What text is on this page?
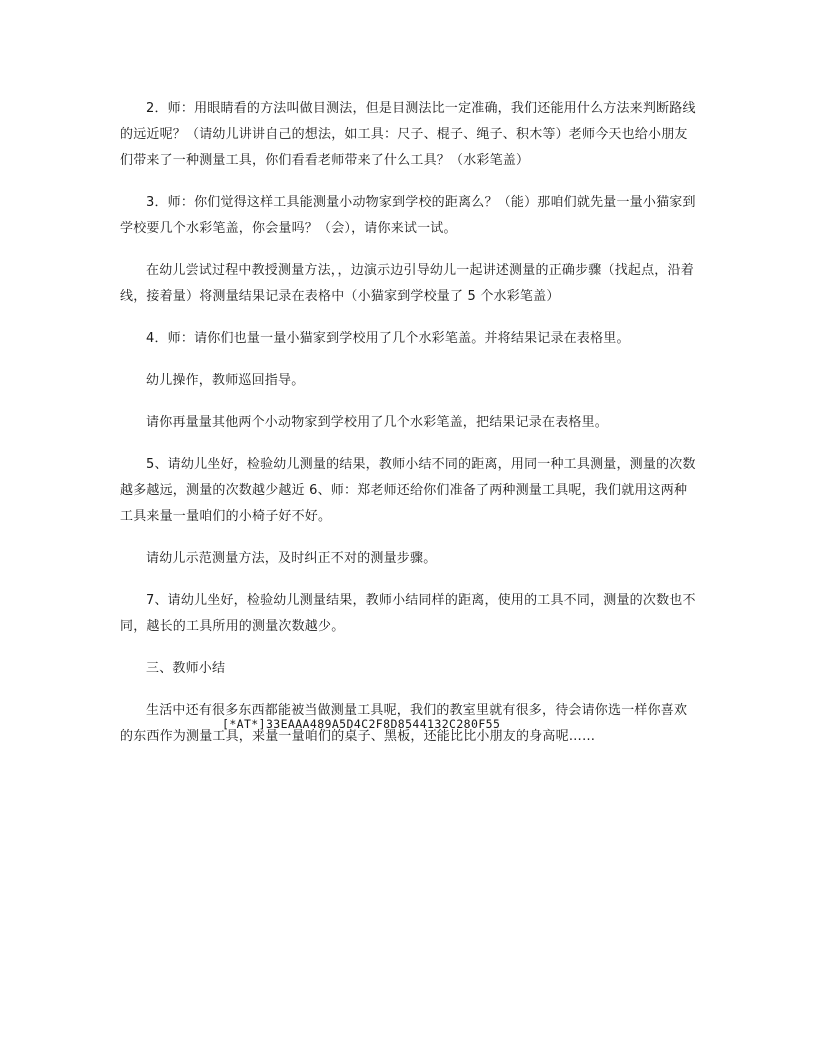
2．师：用眼睛看的方法叫做目测法，但是目测法比一定准确，我们还能用什么方法来判断路线的远近呢？（请幼儿讲讲自己的想法，如工具：尺子、棍子、绳子、积木等）老师今天也给小朋友们带来了一种测量工具，你们看看老师带来了什么工具？（水彩笔盖）

3．师：你们觉得这样工具能测量小动物家到学校的距离么？（能）那咱们就先量一量小猫家到学校要几个水彩笔盖，你会量吗？（会），请你来试一试。

在幼儿尝试过程中教授测量方法，，边演示边引导幼儿一起讲述测量的正确步骤（找起点，沿着线，接着量）将测量结果记录在表格中（小猫家到学校量了 5 个水彩笔盖）

4．师：请你们也量一量小猫家到学校用了几个水彩笔盖。并将结果记录在表格里。

幼儿操作，教师巡回指导。

请你再量量其他两个小动物家到学校用了几个水彩笔盖，把结果记录在表格里。

5、请幼儿坐好，检验幼儿测量的结果，教师小结不同的距离，用同一种工具测量，测量的次数越多越远，测量的次数越少越近 6、师：郑老师还给你们准备了两种测量工具呢，我们就用这两种工具来量一量咱们的小椅子好不好。

请幼儿示范测量方法，及时纠正不对的测量步骤。

7、请幼儿坐好，检验幼儿测量结果，教师小结同样的距离，使用的工具不同，测量的次数也不同，越长的工具所用的测量次数越少。

三、教师小结

生活中还有很多东西都能被当做测量工具呢，我们的教室里就有很多，待会请你选一样你喜欢的东西作为测量工具，来量一量咱们的桌子、黑板，还能比比小朋友的身高呢……

[*AT*]33EAAA489A5D4C2F8D8544132C280F55
